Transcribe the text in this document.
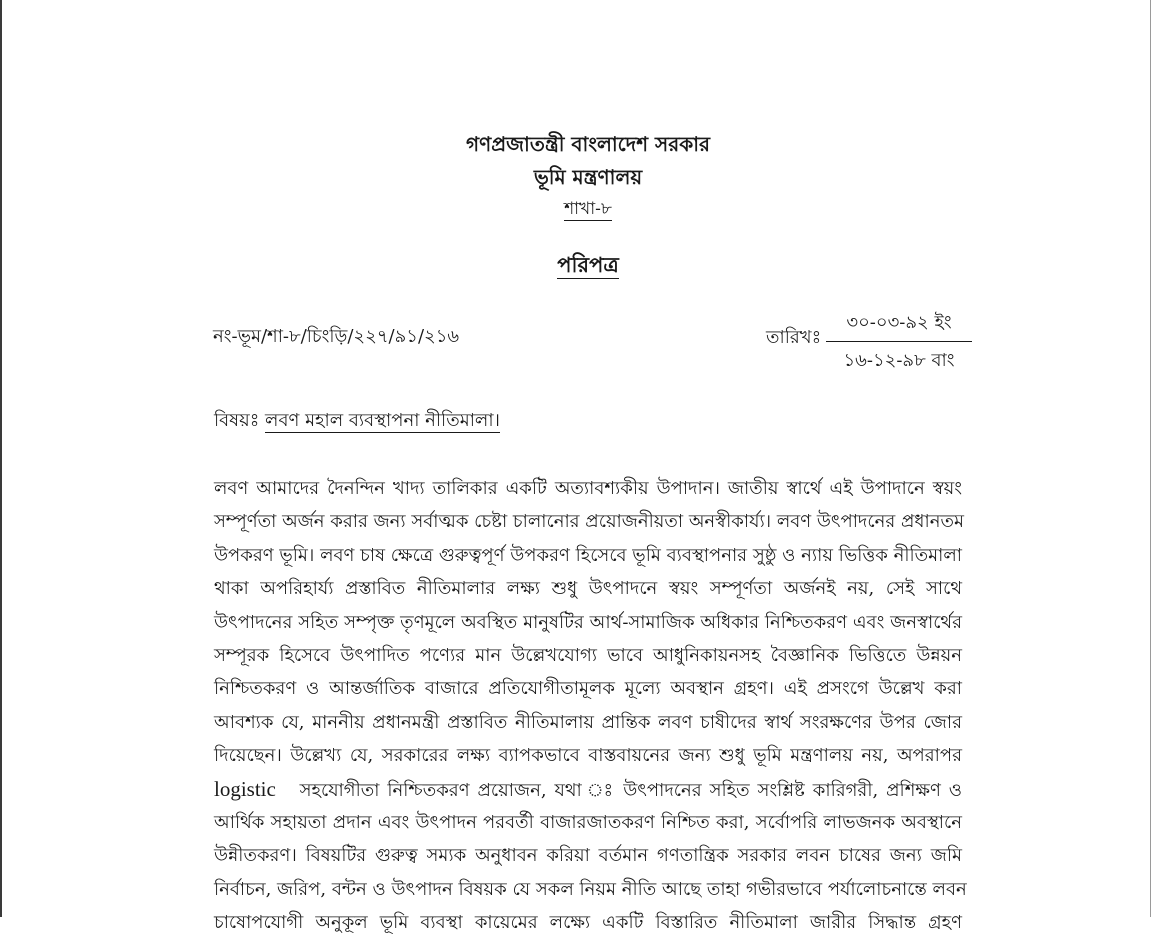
গণপ্রজাতন্ত্রী বাংলাদেশ সরকার
ভূমি মন্ত্রণালয়
শাখা-৮
পরিপত্র
নং-ভূম/শা-৮/চিংড়ি/২২৭/৯১/২১৬	তারিখঃ
৩০-০৩-৯২ ইং
১৬-১২-৯৮ বাং
বিষয়ঃ লবণ মহাল ব্যবস্থাপনা নীতিমালা।
লবণ আমাদের দৈনন্দিন খাদ্য তালিকার একটি অত্যাবশ্যকীয় উপাদান। জাতীয় স্বার্থে এই উপাদানে স্বয়ং
সম্পূর্ণতা অর্জন করার জন্য সর্বাত্মক চেষ্টা চালানোর প্রয়োজনীয়তা অনস্বীকার্য্য। লবণ উৎপাদনের প্রধানতম
উপকরণ ভূমি। লবণ চাষ ক্ষেত্রে গুরুত্বপূর্ণ উপকরণ হিসেবে ভূমি ব্যবস্থাপনার সুষ্ঠু ও ন্যায় ভিত্তিক নীতিমালা
থাকা অপরিহার্য্য প্রস্তাবিত নীতিমালার লক্ষ্য শুধু উৎপাদনে স্বয়ং সম্পূর্ণতা অর্জনই নয়, সেই সাথে
উৎপাদনের সহিত সম্পৃক্ত তৃণমূলে অবস্থিত মানুষটির আর্থ-সামাজিক অধিকার নিশ্চিতকরণ এবং জনস্বার্থের
সম্পূরক হিসেবে উৎপাদিত পণ্যের মান উল্লেখযোগ্য ভাবে আধুনিকায়নসহ বৈজ্ঞানিক ভিত্তিতে উন্নয়ন
নিশ্চিতকরণ ও আন্তর্জাতিক বাজারে প্রতিযোগীতামূলক মূল্যে অবস্থান গ্রহণ। এই প্রসংগে উল্লেখ করা
আবশ্যক যে, মাননীয় প্রধানমন্ত্রী প্রস্তাবিত নীতিমালায় প্রান্তিক লবণ চাষীদের স্বার্থ সংরক্ষণের উপর জোর
দিয়েছেন। উল্লেখ্য যে, সরকারের লক্ষ্য ব্যাপকভাবে বাস্তবায়নের জন্য শুধু ভূমি মন্ত্রণালয় নয়, অপরাপর
logistic সহযোগীতা নিশ্চিতকরণ প্রয়োজন, যথা ঃ উৎপাদনের সহিত সংশ্লিষ্ট কারিগরী, প্রশিক্ষণ ও
আর্থিক সহায়তা প্রদান এবং উৎপাদন পরবর্তী বাজারজাতকরণ নিশ্চিত করা, সর্বোপরি লাভজনক অবস্থানে
উন্নীতকরণ। বিষয়টির গুরুত্ব সম্যক অনুধাবন করিয়া বর্তমান গণতান্ত্রিক সরকার লবন চাষের জন্য জমি
নির্বাচন, জরিপ, বন্টন ও উৎপাদন বিষয়ক যে সকল নিয়ম নীতি আছে তাহা গভীরভাবে পর্যালোচনান্তে লবন
চাষোপযোগী অনুকূল ভূমি ব্যবস্থা কায়েমের লক্ষ্যে একটি বিস্তারিত নীতিমালা জারীর সিদ্ধান্ত গ্রহণ
